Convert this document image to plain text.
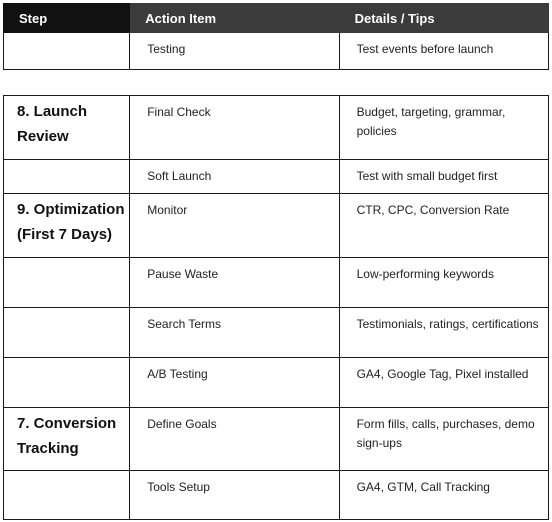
Step	Action Item	Details / Tips

	Testing	Test events before launch
8. Launch Review	Final Check	Budget, targeting, grammar, policies

	Soft Launch	Test with small budget first

9. Optimization (First 7 Days)	Monitor	CTR, CPC, Conversion Rate

	Pause Waste	Low-performing keywords

	Search Terms	Testimonials, ratings, certifications

	A/B Testing	GA4, Google Tag, Pixel installed

7. Conversion Tracking	Define Goals	Form fills, calls, purchases, demo sign-ups

	Tools Setup	GA4, GTM, Call Tracking
